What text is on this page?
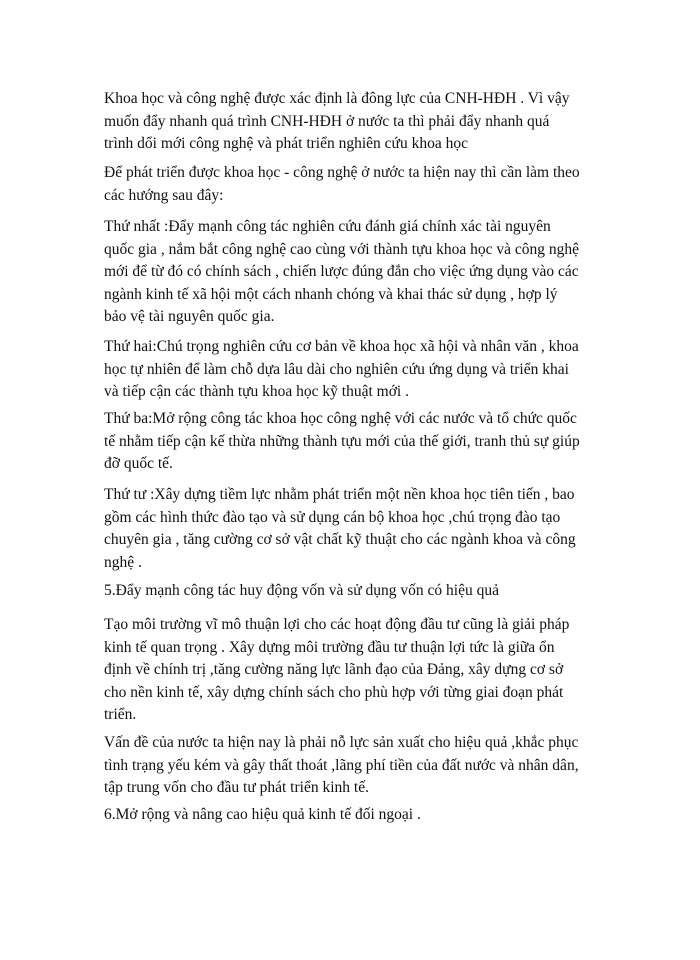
Khoa học và công nghệ được xác định là đông lực của CNH-HĐH . Vì vậy
muốn đẩy nhanh quá trình CNH-HĐH ở nước ta thì phải đẩy nhanh quá
trình dổi mới công nghệ và phát triển nghiên cứu khoa học

Để phát triển được khoa học - công nghệ ở nước ta hiện nay thì cần làm theo
các hướng sau đây:

Thứ nhất :Đẩy mạnh công tác nghiên cứu đánh giá chính xác tài nguyên
quốc gia , nắm bắt công nghệ cao cùng với thành tựu khoa học và công nghệ
mới để từ đó có chính sách , chiến lược đúng đắn cho việc ứng dụng vào các
ngành kinh tế xã hội một cách nhanh chóng và khai thác sử dụng , hợp lý
bảo vệ tài nguyên quốc gia.

Thứ hai:Chú trọng nghiên cứu cơ bản về khoa học xã hội và nhân văn , khoa
học tự nhiên để làm chỗ dựa lâu dài cho nghiên cứu ứng dụng và triển khai
và tiếp cận các thành tựu khoa học kỹ thuật mới .

Thứ ba:Mở rộng công tác khoa học công nghệ với các nước và tổ chức quốc
tế nhằm tiếp cận kế thừa những thành tựu mới của thế giới, tranh thủ sự giúp
đỡ quốc tế.

Thứ tư :Xây dựng tiềm lực nhằm phát triển một nền khoa học tiên tiến , bao
gồm các hình thức đào tạo và sử dụng cán bộ khoa học ,chú trọng đào tạo
chuyên gia , tăng cường cơ sở vật chất kỹ thuật cho các ngành khoa và công
nghệ .

5.Đẩy mạnh công tác huy động vốn và sử dụng vốn có hiệu quả

Tạo môi trường vĩ mô thuận lợi cho các hoạt động đầu tư cũng là giải pháp
kinh tế quan trọng . Xây dựng môi trường đầu tư thuận lợi tức là giữa ổn
định về chính trị ,tăng cường năng lực lãnh đạo của Đảng, xây dựng cơ sở
cho nền kinh tế, xây dựng chính sách cho phù hợp với từng giai đoạn phát
triển.

Vấn đề của nước ta hiện nay là phải nỗ lực sản xuất cho hiệu quả ,khắc phục
tình trạng yếu kém và gây thất thoát ,lãng phí tiền của đất nước và nhân dân,
tập trung vốn cho đầu tư phát triển kinh tế.

6.Mở rộng và nâng cao hiệu quả kinh tế đối ngoại .
